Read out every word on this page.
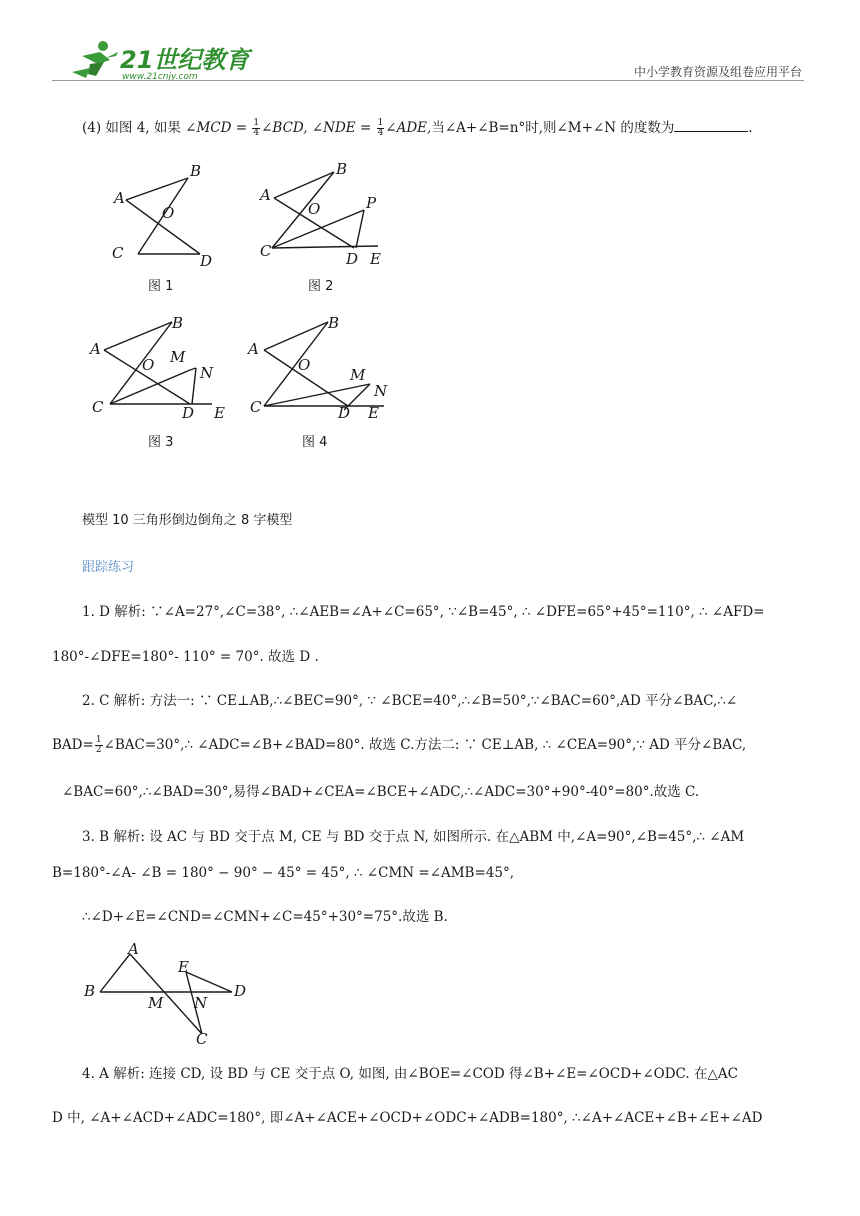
21世纪教育
www.21cnjy.com	中小学教育资源及组卷应用平台
(4) 如图 4, 如果 ∠MCD = $\frac{1}{4}$ ∠BCD, ∠NDE = $\frac{1}{4}$ ∠ADE,当∠A+∠B=n°时,则∠M+∠N 的度数为	.
A
B
O
C	D
图 1
A
B
O	P
C	D E
图 2
A
B
O M
N
C	D E
图 3
A
B
O
M
N
C	D E
图 4
模型 10 三角形倒边倒角之 8 字模型
跟踪练习
1. D 解析: ∵∠A=27°,∠C=38°, ∴∠AEB=∠A+∠C=65°, ∵∠B=45°, ∴ ∠DFE=65°+45°=110°, ∴ ∠AFD=
180°-∠DFE=180°- 110° = 70°. 故选 D .
2. C 解析: 方法一: ∵ CE⊥AB,∴∠BEC=90°, ∵ ∠BCE=40°,∴∠B=50°,∵∠BAC=60°,AD 平分∠BAC,∴∠
$BAD= \frac{1}{2}$ ∠BAC=30°,∴ ∠ADC=∠B+∠BAD=80°. 故选 C.方法二: ∵ CE⊥AB, ∴ ∠CEA=90°,∵ AD 平分∠BAC,
∠BAC=60°,∴∠BAD=30°,易得∠BAD+∠CEA=∠BCE+∠ADC,∴∠ADC=30°+90°-40°=80°.故选 C.
3. B 解析: 设 AC 与 BD 交于点 M, CE 与 BD 交于点 N, 如图所示. 在△ABM 中,∠A=90°,∠B=45°,∴ ∠AM
B=180°-∠A- ∠B = 180° − 90° − 45° = 45°, ∴ ∠CMN =∠AMB=45°,
∴∠D+∠E=∠CND=∠CMN+∠C=45°+30°=75°.故选 B.
A
B
M
E
N
D
C
4. A 解析: 连接 CD, 设 BD 与 CE 交于点 O, 如图, 由∠BOE=∠COD 得∠B+∠E=∠OCD+∠ODC. 在△AC
D 中, ∠A+∠ACD+∠ADC=180°, 即∠A+∠ACE+∠OCD+∠ODC+∠ADB=180°, ∴∠A+∠ACE+∠B+∠E+∠AD
